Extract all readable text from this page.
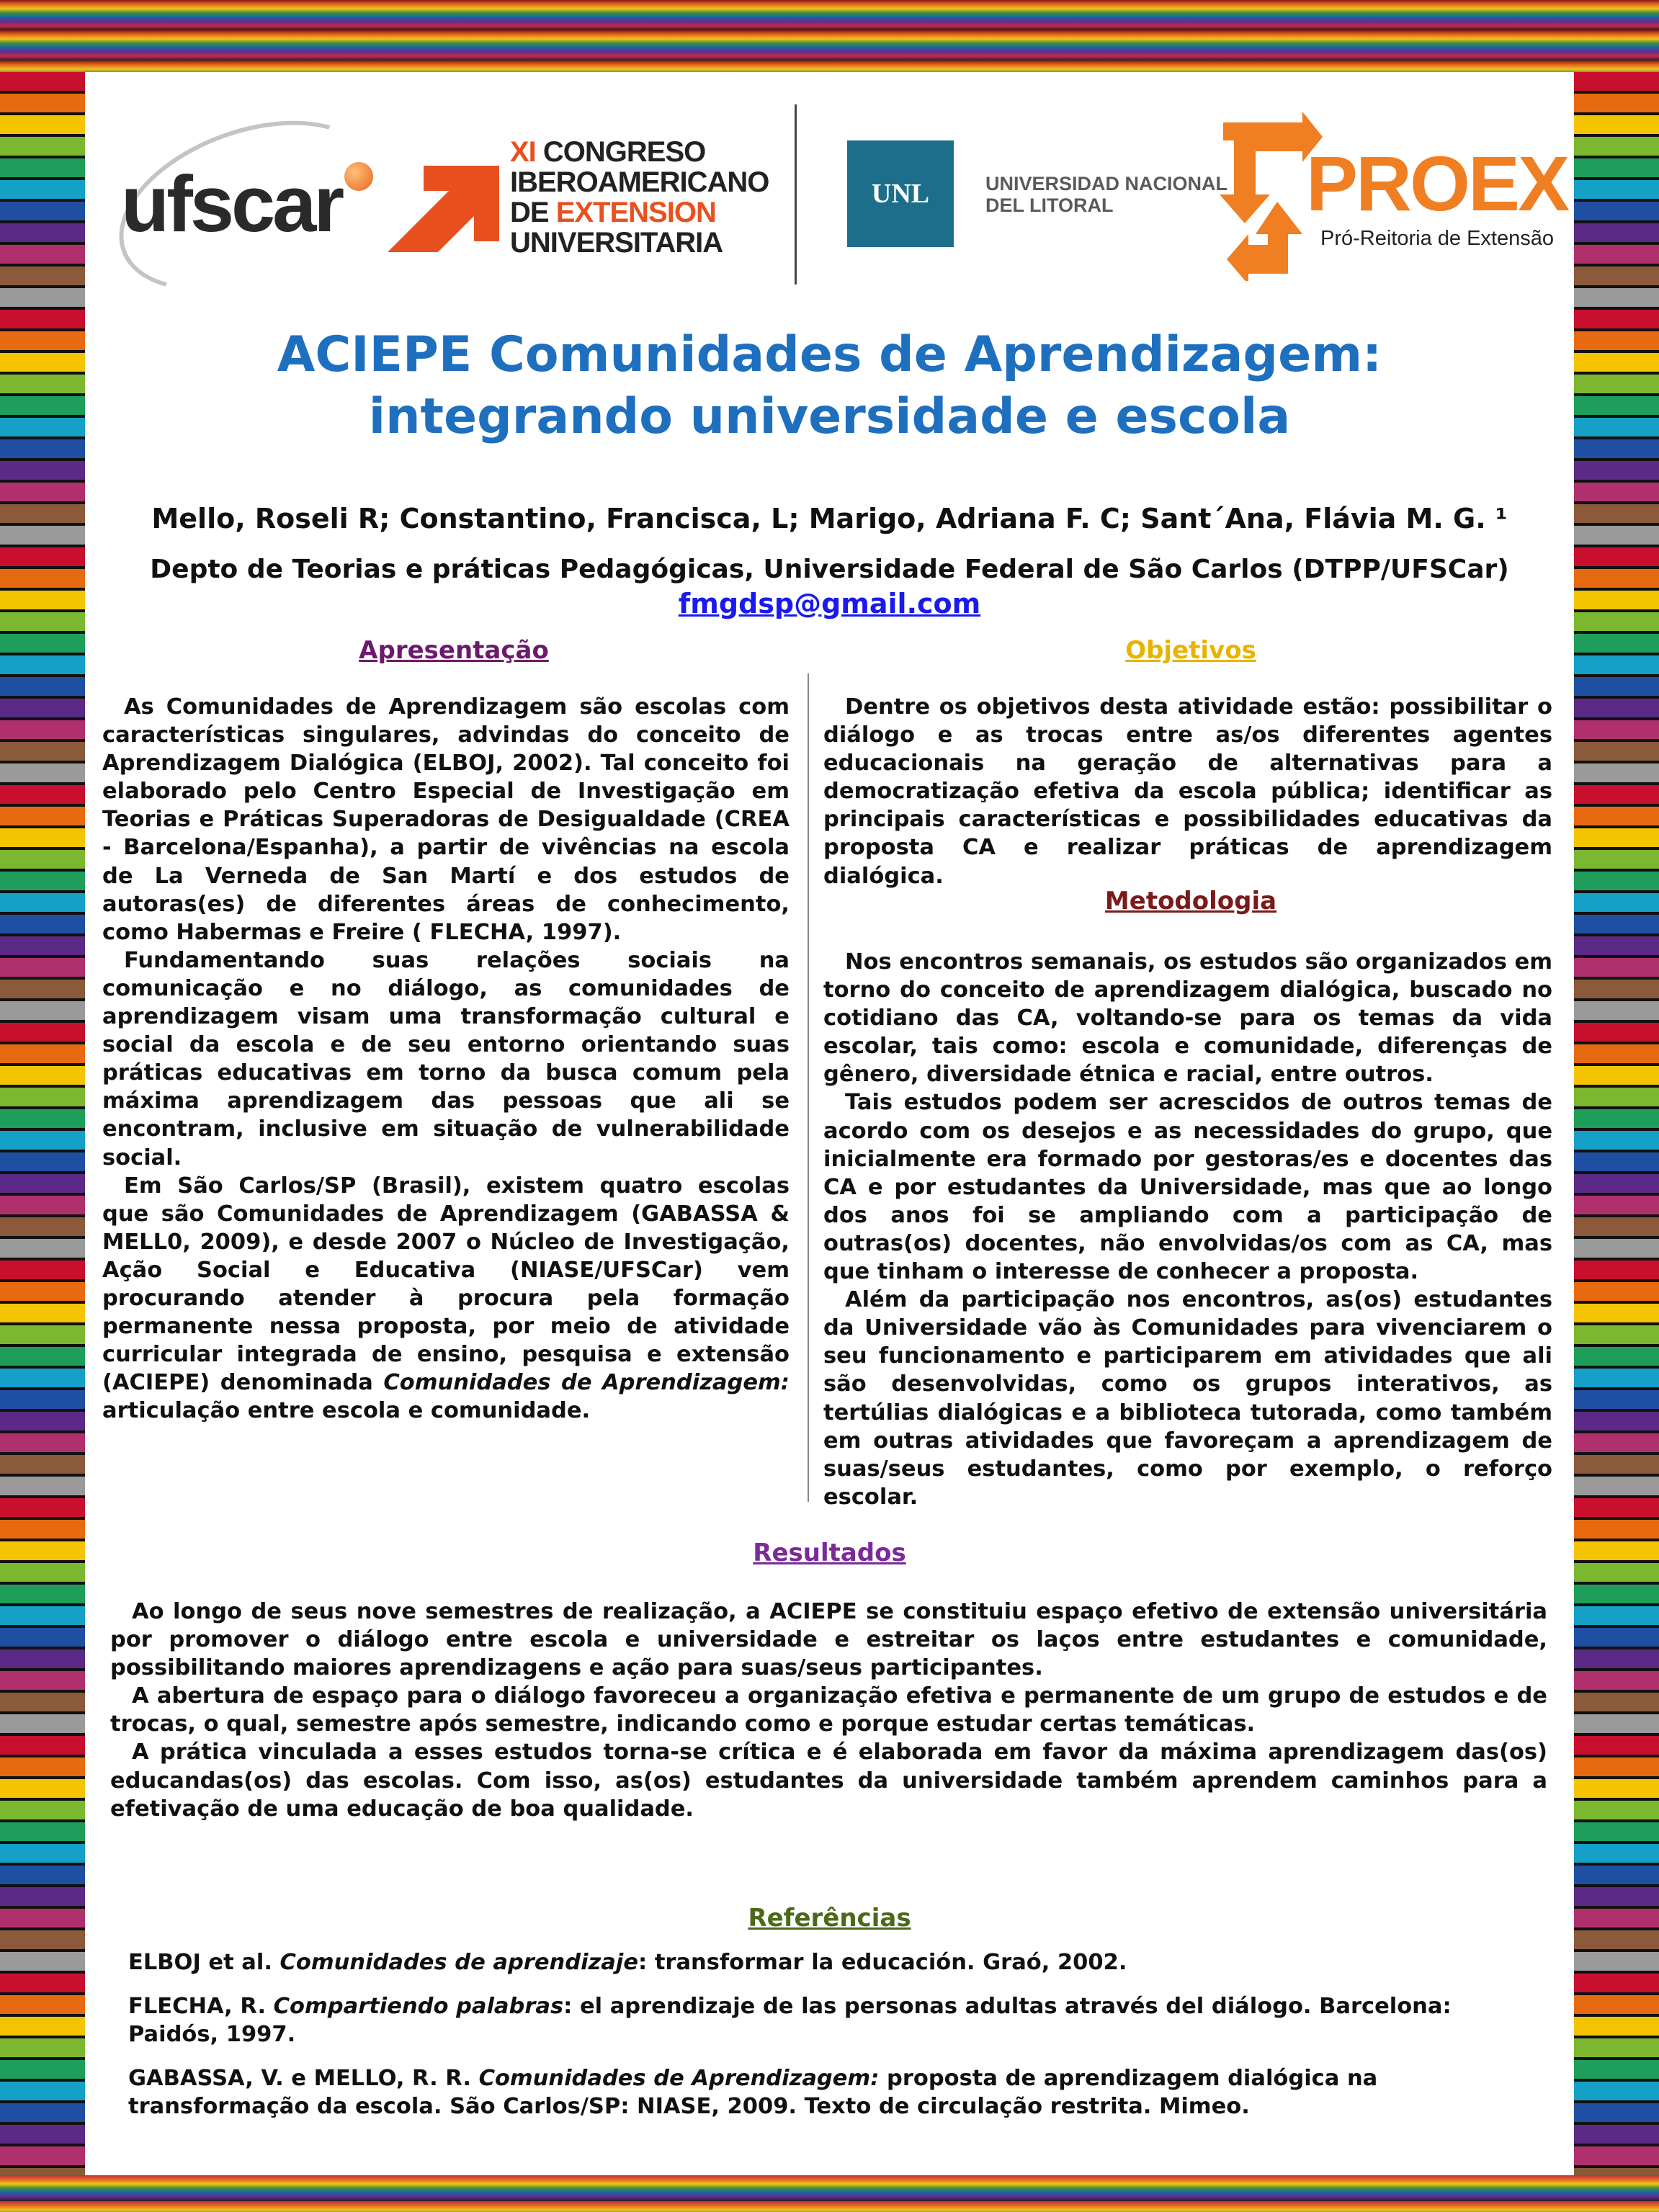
ufscar
XI CONGRESO
IBEROAMERICANO
DE EXTENSION
UNIVERSITARIA
UNL	UNIVERSIDAD NACIONAL
DEL LITORAL	PROEX
Pró-Reitoria de Extensão
ACIEPE Comunidades de Aprendizagem:
integrando universidade e escola
Mello, Roseli R; Constantino, Francisca, L; Marigo, Adriana F. C; Sant´Ana, Flávia M. G. ¹
Depto de Teorias e práticas Pedagógicas, Universidade Federal de São Carlos (DTPP/UFSCar)
fmgdsp@gmail.com
Apresentação

As Comunidades de Aprendizagem são escolas com características singulares, advindas do conceito de Aprendizagem Dialógica (ELBOJ, 2002). Tal conceito foi elaborado pelo Centro Especial de Investigação em Teorias e Práticas Superadoras de Desigualdade (CREA - Barcelona/Espanha), a partir de vivências na escola de La Verneda de San Martí e dos estudos de autoras(es) de diferentes áreas de conhecimento, como Habermas e Freire ( FLECHA, 1997).

Fundamentando suas relações sociais na comunicação e no diálogo, as comunidades de aprendizagem visam uma transformação cultural e social da escola e de seu entorno orientando suas práticas educativas em torno da busca comum pela máxima aprendizagem das pessoas que ali se encontram, inclusive em situação de vulnerabilidade social.

Em São Carlos/SP (Brasil), existem quatro escolas que são Comunidades de Aprendizagem (GABASSA & MELL0, 2009), e desde 2007 o Núcleo de Investigação, Ação Social e Educativa (NIASE/UFSCar) vem procurando atender à procura pela formação permanente nessa proposta, por meio de atividade curricular integrada de ensino, pesquisa e extensão (ACIEPE) denominada Comunidades de Aprendizagem: articulação entre escola e comunidade.

Objetivos

Dentre os objetivos desta atividade estão: possibilitar o diálogo e as trocas entre as/os diferentes agentes educacionais na geração de alternativas para a democratização efetiva da escola pública; identificar as principais características e possibilidades educativas da proposta CA e realizar práticas de aprendizagem dialógica.

Metodologia

Nos encontros semanais, os estudos são organizados em torno do conceito de aprendizagem dialógica, buscado no cotidiano das CA, voltando-se para os temas da vida escolar, tais como: escola e comunidade, diferenças de gênero, diversidade étnica e racial, entre outros.

Tais estudos podem ser acrescidos de outros temas de acordo com os desejos e as necessidades do grupo, que inicialmente era formado por gestoras/es e docentes das CA e por estudantes da Universidade, mas que ao longo dos anos foi se ampliando com a participação de outras(os) docentes, não envolvidas/os com as CA, mas que tinham o interesse de conhecer a proposta.

Além da participação nos encontros, as(os) estudantes da Universidade vão às Comunidades para vivenciarem o seu funcionamento e participarem em atividades que ali são desenvolvidas, como os grupos interativos, as tertúlias dialógicas e a biblioteca tutorada, como também em outras atividades que favoreçam a aprendizagem de suas/seus estudantes, como por exemplo, o reforço escolar.

Resultados

Ao longo de seus nove semestres de realização, a ACIEPE se constituiu espaço efetivo de extensão universitária por promover o diálogo entre escola e universidade e estreitar os laços entre estudantes e comunidade, possibilitando maiores aprendizagens e ação para suas/seus participantes.

A abertura de espaço para o diálogo favoreceu a organização efetiva e permanente de um grupo de estudos e de trocas, o qual, semestre após semestre, indicando como e porque estudar certas temáticas.

A prática vinculada a esses estudos torna-se crítica e é elaborada em favor da máxima aprendizagem das(os) educandas(os) das escolas. Com isso, as(os) estudantes da universidade também aprendem caminhos para a efetivação de uma educação de boa qualidade.

Referências

ELBOJ et al. Comunidades de aprendizaje: transformar la educación. Graó, 2002.

FLECHA, R. Compartiendo palabras: el aprendizaje de las personas adultas através del diálogo. Barcelona: Paidós, 1997.

GABASSA, V. e MELLO, R. R. Comunidades de Aprendizagem: proposta de aprendizagem dialógica na transformação da escola. São Carlos/SP: NIASE, 2009. Texto de circulação restrita. Mimeo.
